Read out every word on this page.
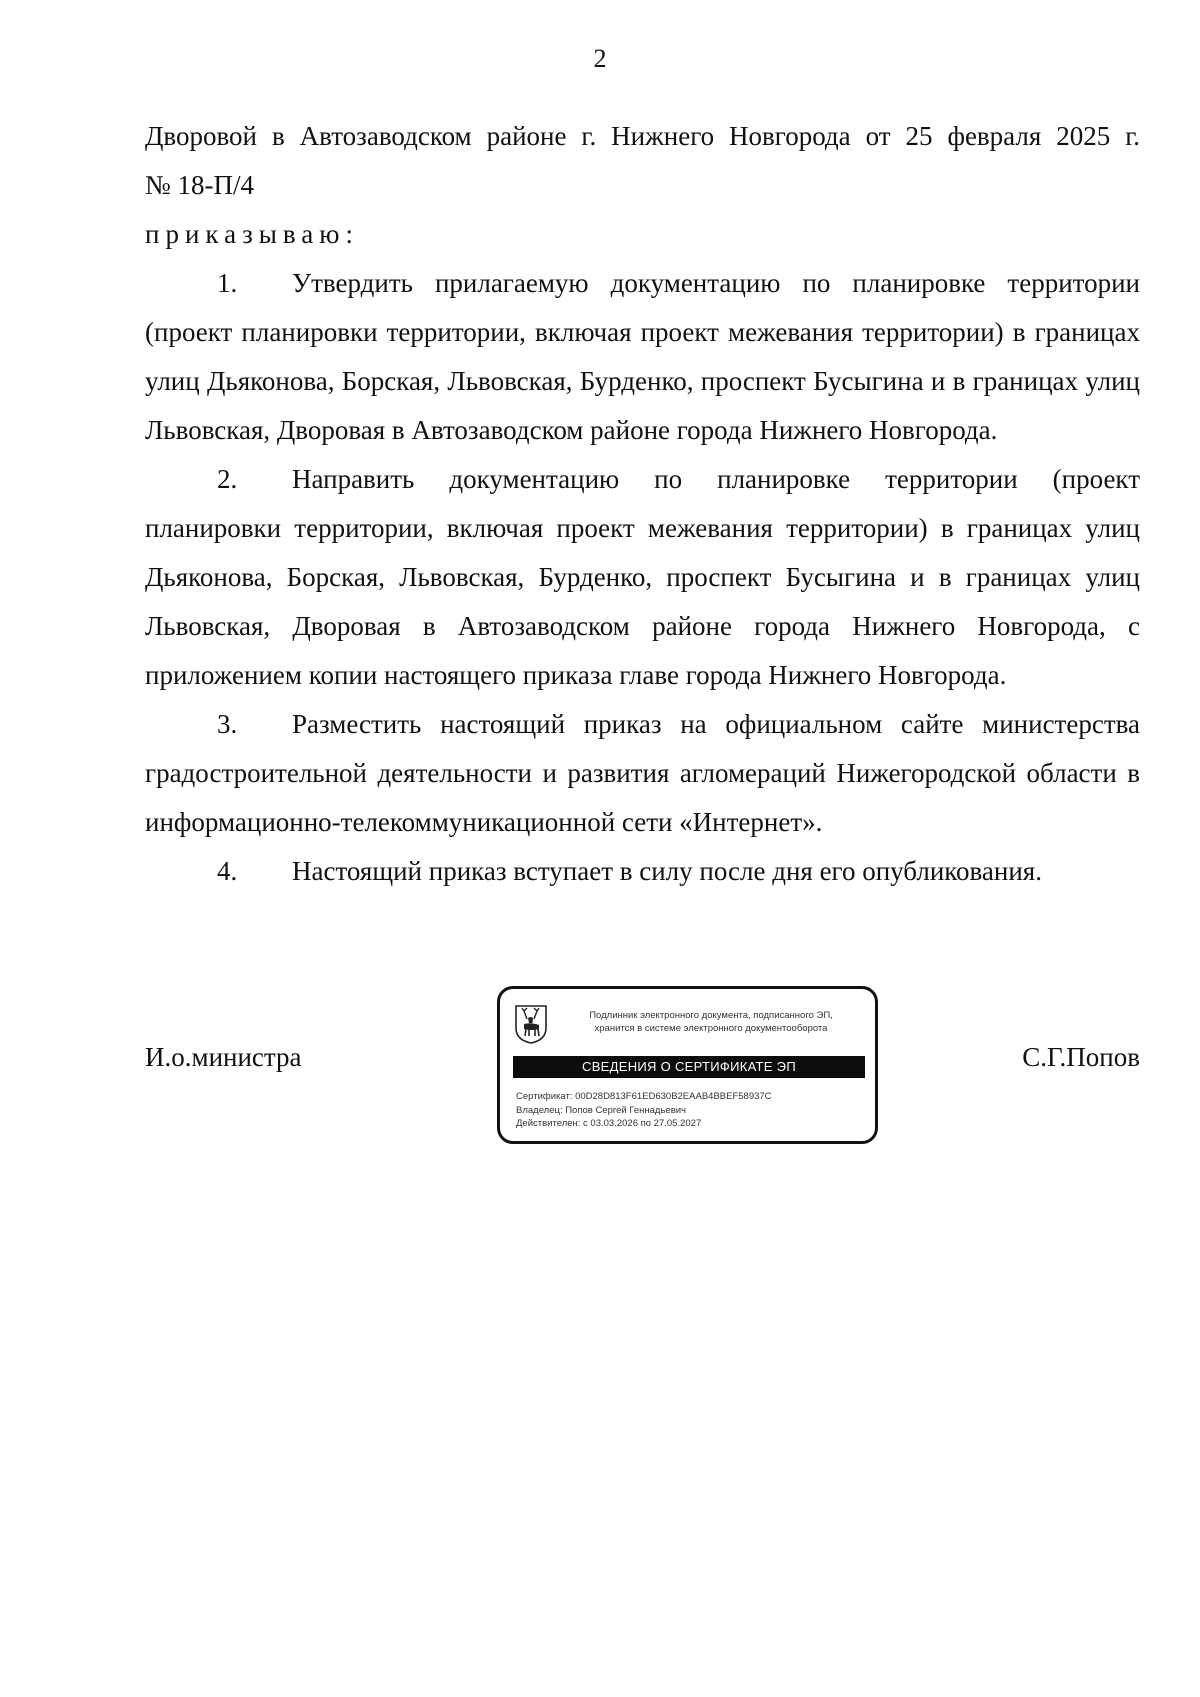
2

Дворовой в Автозаводском районе г. Нижнего Новгорода от 25 февраля 2025 г.

№ 18-П/4

приказываю:

1. Утвердить прилагаемую документацию по планировке территории (проект планировки территории, включая проект межевания территории) в границах улиц Дьяконова, Борская, Львовская, Бурденко, проспект Бусыгина и в границах улиц Львовская, Дворовая в Автозаводском районе города Нижнего Новгорода.

2. Направить документацию по планировке территории (проект планировки территории, включая проект межевания территории) в границах улиц Дьяконова, Борская, Львовская, Бурденко, проспект Бусыгина и в границах улиц Львовская, Дворовая в Автозаводском районе города Нижнего Новгорода, с приложением копии настоящего приказа главе города Нижнего Новгорода.

3. Разместить настоящий приказ на официальном сайте министерства градостроительной деятельности и развития агломераций Нижегородской области в информационно-телекоммуникационной сети «Интернет».

4. Настоящий приказ вступает в силу после дня его опубликования.

И.о.министра	С.Г.Попов
Подлинник электронного документа, подписанного ЭП,
хранится в системе электронного документооборота
СВЕДЕНИЯ О СЕРТИФИКАТЕ ЭП
Сертификат: 00D28D813F61ED630B2EAAB4BBEF58937C
Владелец: Попов Сергей Геннадьевич
Действителен: с 03.03.2026 по 27.05.2027
